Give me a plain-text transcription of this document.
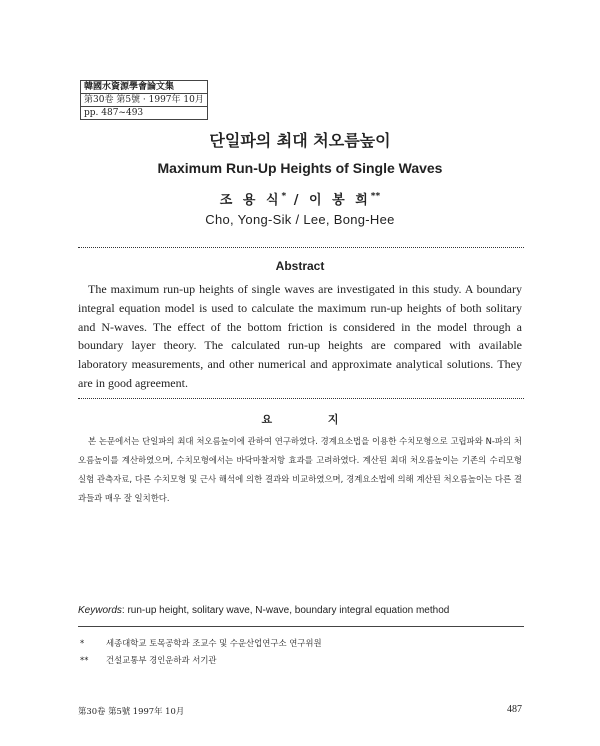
韓國水資源學會論文集
第30卷 第5號 · 1997年 10月
pp. 487~493
단일파의 최대 처오름높이
Maximum Run-Up Heights of Single Waves
조 용 식* / 이 봉 희**
Cho, Yong-Sik / Lee, Bong-Hee
Abstract
The maximum run-up heights of single waves are investigated in this study. A boundary integral equation model is used to calculate the maximum run-up heights of both solitary and N-waves. The effect of the bottom friction is considered in the model through a boundary layer theory. The calculated run-up heights are compared with available laboratory measurements, and other numerical and approximate analytical solutions. They are in good agreement.
요 지
본 논문에서는 단일파의 최대 처오름높이에 관하여 연구하였다. 경계요소법을 이용한 수치모형으로 고립파와 N-파의 처오름높이를 계산하였으며, 수치모형에서는 바닥마찰저항 효과를 고려하였다. 계산된 최대 처오름높이는 기존의 수리모형실험 관측자료, 다른 수치모형 및 근사 해석에 의한 결과와 비교하였으며, 경계요소법에 의해 계산된 처오름높이는 다른 결과들과 매우 잘 일치한다.
Keywords: run-up height, solitary wave, N-wave, boundary integral equation method
*	세종대학교 토목공학과 조교수 및 수운산업연구소 연구위원
** 건설교통부 경인운하과 서기관
第30卷 第5號 1997年 10月	487
